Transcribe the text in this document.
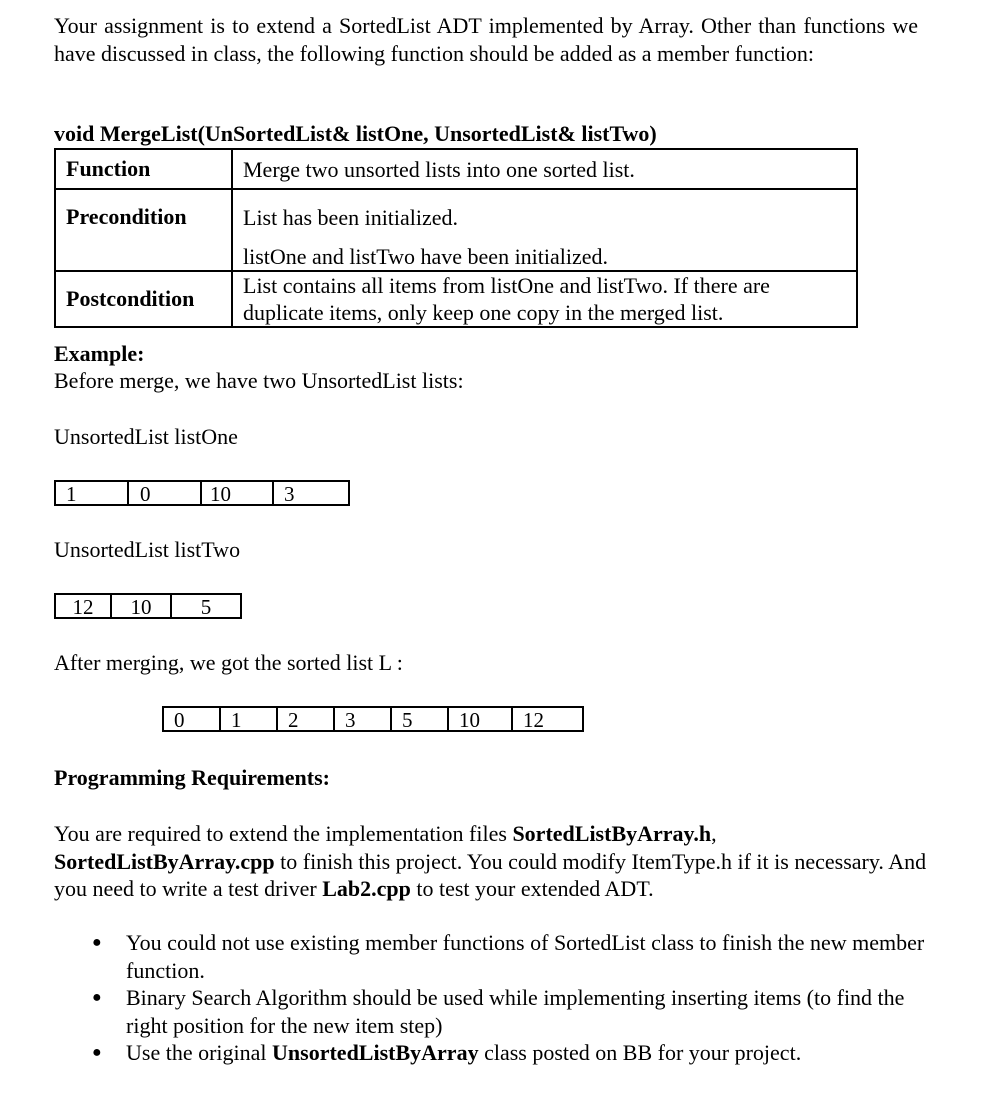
Your assignment is to extend a SortedList ADT implemented by Array. Other than functions we have discussed in class, the following function should be added as a member function:
void MergeList(UnSortedList& listOne, UnsortedList& listTwo)
Function	Merge two unsorted lists into one sorted list.

Precondition	List has been initialized.
listOne and listTwo have been initialized.

Postcondition	List contains all items from listOne and listTwo. If there are
duplicate items, only keep one copy in the merged list.
Example:
Before merge, we have two UnsortedList lists:
UnsortedList listOne
1	0	10	3
UnsortedList listTwo
12	10	5
After merging, we got the sorted list L :
0	1	2	3	5	10	12
Programming Requirements:
You are required to extend the implementation files SortedListByArray.h,
SortedListByArray.cpp to finish this project. You could modify ItemType.h if it is necessary. And you need to write a test driver Lab2.cpp to test your extended ADT.
● You could not use existing member functions of SortedList class to finish the new member function.
● Binary Search Algorithm should be used while implementing inserting items (to find the right position for the new item step)
● Use the original UnsortedListByArray class posted on BB for your project.
